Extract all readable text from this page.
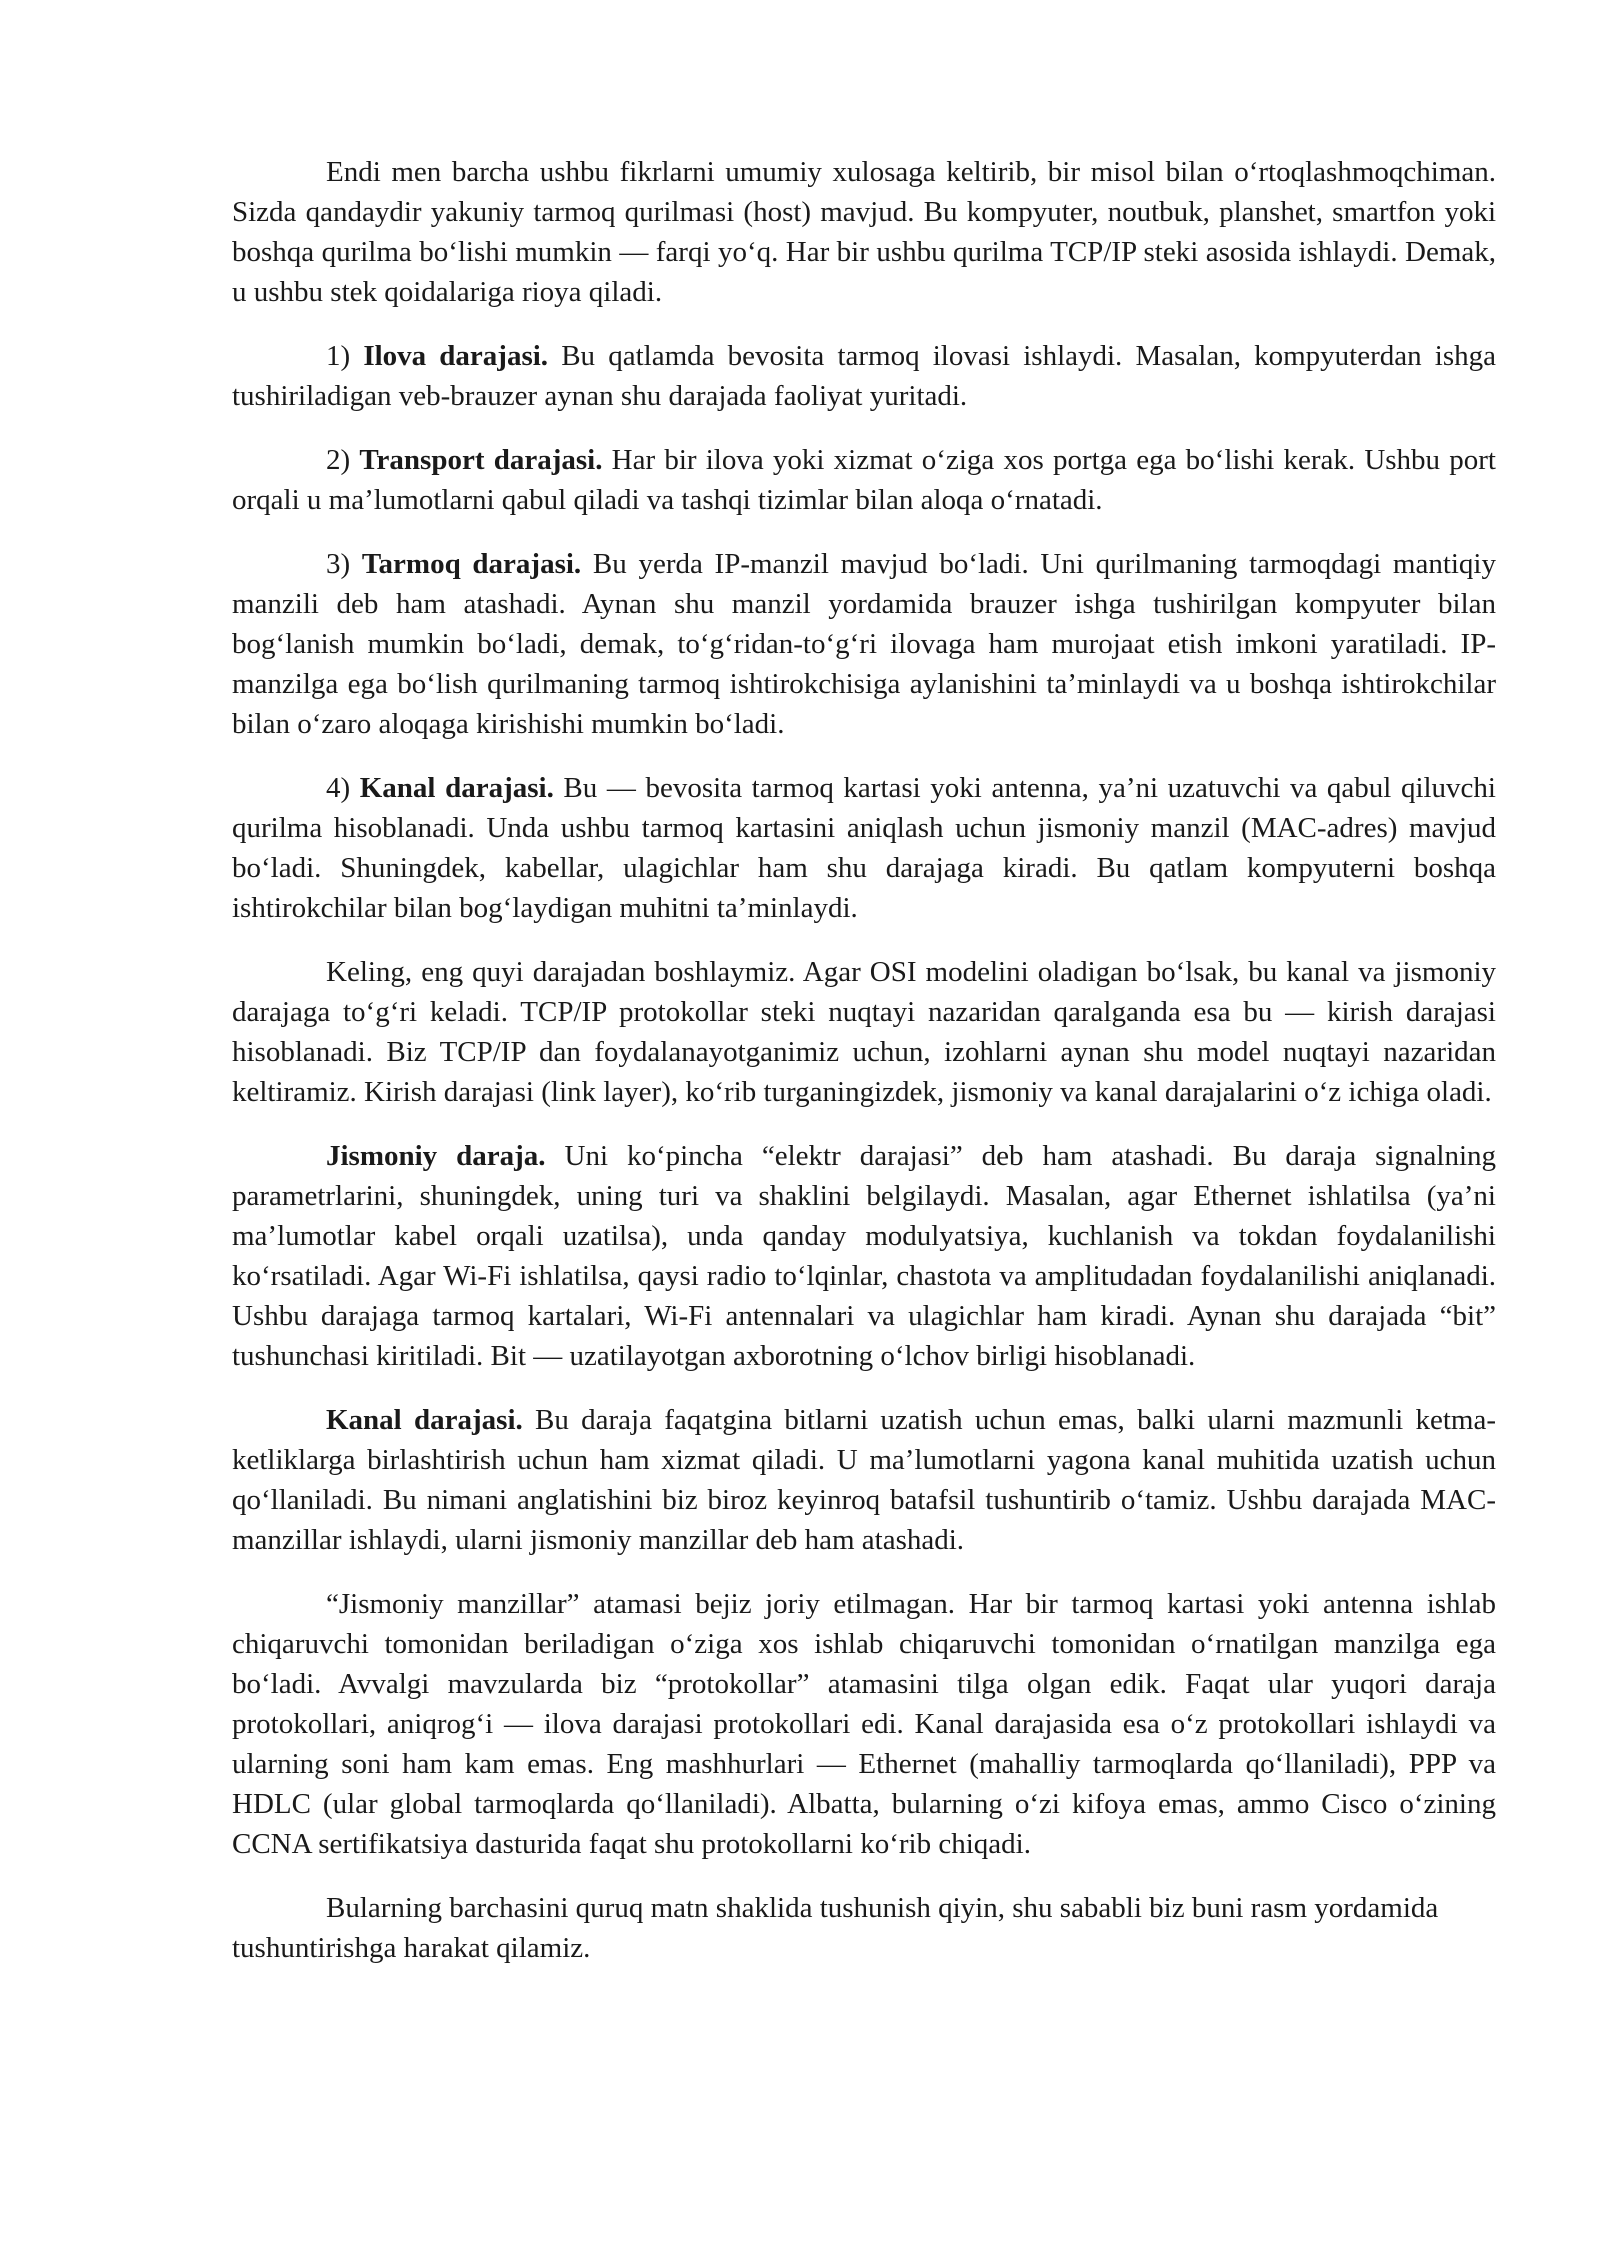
Endi men barcha ushbu fikrlarni umumiy xulosaga keltirib, bir misol bilan o‘rtoqlashmoqchiman. Sizda qandaydir yakuniy tarmoq qurilmasi (host) mavjud. Bu kompyuter, noutbuk, planshet, smartfon yoki boshqa qurilma bo‘lishi mumkin — farqi yo‘q. Har bir ushbu qurilma TCP/IP steki asosida ishlaydi. Demak, u ushbu stek qoidalariga rioya qiladi.

1) Ilova darajasi. Bu qatlamda bevosita tarmoq ilovasi ishlaydi. Masalan, kompyuterdan ishga tushiriladigan veb-brauzer aynan shu darajada faoliyat yuritadi.

2) Transport darajasi. Har bir ilova yoki xizmat o‘ziga xos portga ega bo‘lishi kerak. Ushbu port orqali u ma’lumotlarni qabul qiladi va tashqi tizimlar bilan aloqa o‘rnatadi.

3) Tarmoq darajasi. Bu yerda IP-manzil mavjud bo‘ladi. Uni qurilmaning tarmoqdagi mantiqiy manzili deb ham atashadi. Aynan shu manzil yordamida brauzer ishga tushirilgan kompyuter bilan bog‘lanish mumkin bo‘ladi, demak, to‘g‘ridan-to‘g‘ri ilovaga ham murojaat etish imkoni yaratiladi. IP-manzilga ega bo‘lish qurilmaning tarmoq ishtirokchisiga aylanishini ta’minlaydi va u boshqa ishtirokchilar bilan o‘zaro aloqaga kirishishi mumkin bo‘ladi.

4) Kanal darajasi. Bu — bevosita tarmoq kartasi yoki antenna, ya’ni uzatuvchi va qabul qiluvchi qurilma hisoblanadi. Unda ushbu tarmoq kartasini aniqlash uchun jismoniy manzil (MAC-adres) mavjud bo‘ladi. Shuningdek, kabellar, ulagichlar ham shu darajaga kiradi. Bu qatlam kompyuterni boshqa ishtirokchilar bilan bog‘laydigan muhitni ta’minlaydi.

Keling, eng quyi darajadan boshlaymiz. Agar OSI modelini oladigan bo‘lsak, bu kanal va jismoniy darajaga to‘g‘ri keladi. TCP/IP protokollar steki nuqtayi nazaridan qaralganda esa bu — kirish darajasi hisoblanadi. Biz TCP/IP dan foydalanayotganimiz uchun, izohlarni aynan shu model nuqtayi nazaridan keltiramiz. Kirish darajasi (link layer), ko‘rib turganingizdek, jismoniy va kanal darajalarini o‘z ichiga oladi.

Jismoniy daraja. Uni ko‘pincha “elektr darajasi” deb ham atashadi. Bu daraja signalning parametrlarini, shuningdek, uning turi va shaklini belgilaydi. Masalan, agar Ethernet ishlatilsa (ya’ni ma’lumotlar kabel orqali uzatilsa), unda qanday modulyatsiya, kuchlanish va tokdan foydalanilishi ko‘rsatiladi. Agar Wi-Fi ishlatilsa, qaysi radio to‘lqinlar, chastota va amplitudadan foydalanilishi aniqlanadi. Ushbu darajaga tarmoq kartalari, Wi-Fi antennalari va ulagichlar ham kiradi. Aynan shu darajada “bit” tushunchasi kiritiladi. Bit — uzatilayotgan axborotning o‘lchov birligi hisoblanadi.

Kanal darajasi. Bu daraja faqatgina bitlarni uzatish uchun emas, balki ularni mazmunli ketma-ketliklarga birlashtirish uchun ham xizmat qiladi. U ma’lumotlarni yagona kanal muhitida uzatish uchun qo‘llaniladi. Bu nimani anglatishini biz biroz keyinroq batafsil tushuntirib o‘tamiz. Ushbu darajada MAC-manzillar ishlaydi, ularni jismoniy manzillar deb ham atashadi.

“Jismoniy manzillar” atamasi bejiz joriy etilmagan. Har bir tarmoq kartasi yoki antenna ishlab chiqaruvchi tomonidan beriladigan o‘ziga xos ishlab chiqaruvchi tomonidan o‘rnatilgan manzilga ega bo‘ladi. Avvalgi mavzularda biz “protokollar” atamasini tilga olgan edik. Faqat ular yuqori daraja protokollari, aniqrog‘i — ilova darajasi protokollari edi. Kanal darajasida esa o‘z protokollari ishlaydi va ularning soni ham kam emas. Eng mashhurlari — Ethernet (mahalliy tarmoqlarda qo‘llaniladi), PPP va HDLC (ular global tarmoqlarda qo‘llaniladi). Albatta, bularning o‘zi kifoya emas, ammo Cisco o‘zining CCNA sertifikatsiya dasturida faqat shu protokollarni ko‘rib chiqadi.

Bularning barchasini quruq matn shaklida tushunish qiyin, shu sababli biz buni rasm yordamida tushuntirishga harakat qilamiz.
